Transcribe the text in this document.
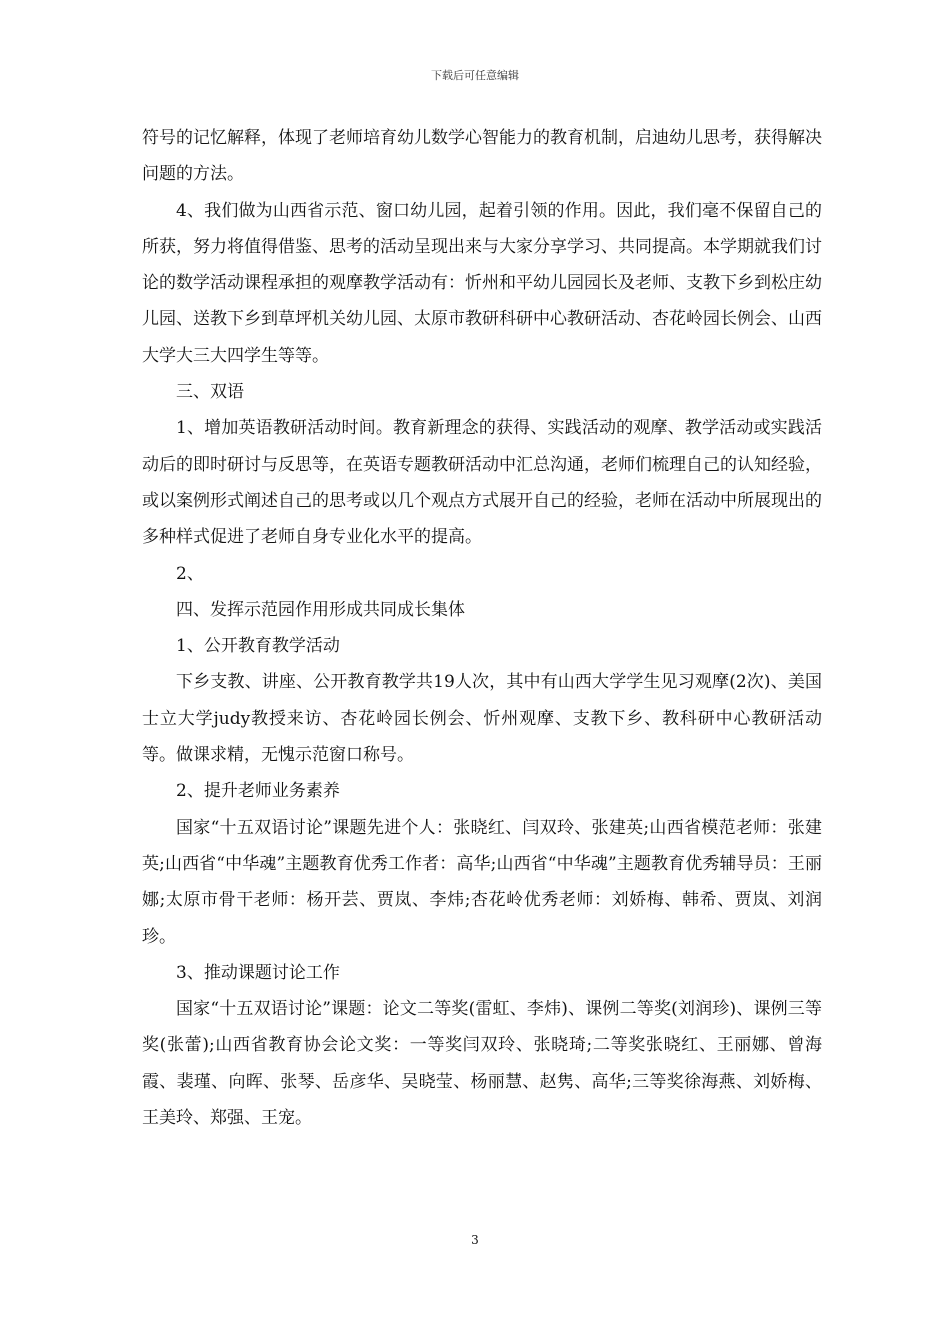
下载后可任意编辑

符号的记忆解释，体现了老师培育幼儿数学心智能力的教育机制，启迪幼儿思考，获得解决问题的方法。

4、我们做为山西省示范、窗口幼儿园，起着引领的作用。因此，我们毫不保留自己的所获，努力将值得借鉴、思考的活动呈现出来与大家分享学习、共同提高。本学期就我们讨论的数学活动课程承担的观摩教学活动有：忻州和平幼儿园园长及老师、支教下乡到松庄幼儿园、送教下乡到草坪机关幼儿园、太原市教研科研中心教研活动、杏花岭园长例会、山西大学大三大四学生等等。

三、双语

1、增加英语教研活动时间。教育新理念的获得、实践活动的观摩、教学活动或实践活动后的即时研讨与反思等，在英语专题教研活动中汇总沟通，老师们梳理自己的认知经验，或以案例形式阐述自己的思考或以几个观点方式展开自己的经验，老师在活动中所展现出的多种样式促进了老师自身专业化水平的提高。

2、

四、发挥示范园作用形成共同成长集体

1、公开教育教学活动

下乡支教、讲座、公开教育教学共19人次，其中有山西大学学生见习观摩(2次)、美国士立大学judy教授来访、杏花岭园长例会、忻州观摩、支教下乡、教科研中心教研活动等。做课求精，无愧示范窗口称号。

2、提升老师业务素养

国家“十五双语讨论”课题先进个人：张晓红、闫双玲、张建英;山西省模范老师：张建英;山西省“中华魂”主题教育优秀工作者：高华;山西省“中华魂”主题教育优秀辅导员：王丽娜;太原市骨干老师：杨开芸、贾岚、李炜;杏花岭优秀老师：刘娇梅、韩希、贾岚、刘润珍。

3、推动课题讨论工作

国家“十五双语讨论”课题：论文二等奖(雷虹、李炜)、课例二等奖(刘润珍)、课例三等奖(张蕾);山西省教育协会论文奖：一等奖闫双玲、张晓琦;二等奖张晓红、王丽娜、曾海霞、裴瑾、向晖、张琴、岳彦华、吴晓莹、杨丽慧、赵隽、高华;三等奖徐海燕、刘娇梅、王美玲、郑强、王宠。

3
